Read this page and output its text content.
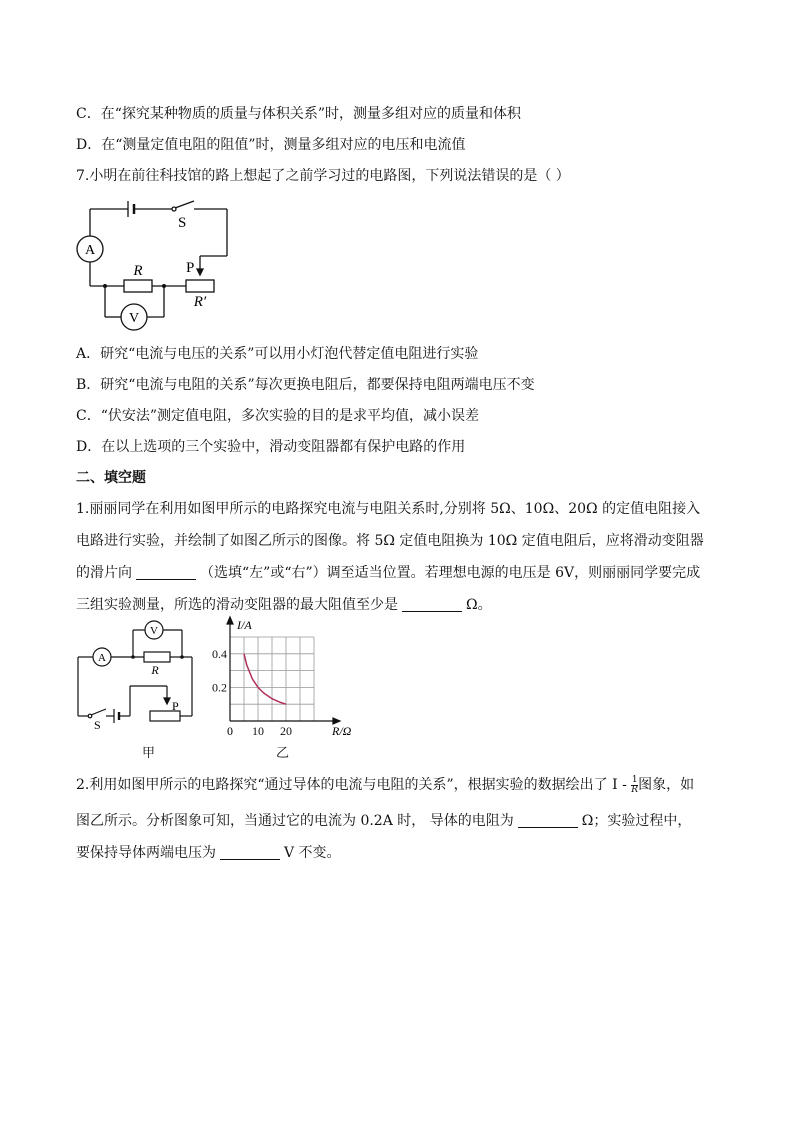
C．在“探究某种物质的质量与体积关系”时，测量多组对应的质量和体积
D．在“测量定值电阻的阻值”时，测量多组对应的电压和电流值
7.小明在前往科技馆的路上想起了之前学习过的电路图，下列说法错误的是（ ）
A
V
S
R	P
R′
A．研究“电流与电压的关系”可以用小灯泡代替定值电阻进行实验
B．研究“电流与电阻的关系”每次更换电阻后，都要保持电阻两端电压不变
C．“伏安法”测定值电阻，多次实验的目的是求平均值，减小误差
D．在以上选项的三个实验中，滑动变阻器都有保护电路的作用
二、填空题
1.丽丽同学在利用如图甲所示的电路探究电流与电阻关系时,分别将 5Ω、10Ω、20Ω 的定值电阻接入
电路进行实验，并绘制了如图乙所示的图像。将 5Ω 定值电阻换为 10Ω 定值电阻后，应将滑动变阻器
的滑片向	（选填“左”或“右”）调至适当位置。若理想电源的电压是 6V，则丽丽同学要完成
三组实验测量，所选的滑动变阻器的最大阻值至少是	Ω。
V
A
R
S
P
甲
10 20
0.2
0.4
I/A
R/Ω
0
乙
2.利用如图甲所示的电路探究“通过导体的电流与电阻的关系”，根据实验的数据绘出了 I - $\frac{1}{R}$ 图象，如
图乙所示。分析图象可知，当通过它的电流为 0.2A 时， 导体的电阻为	Ω；实验过程中，
要保持导体两端电压为	V 不变。
